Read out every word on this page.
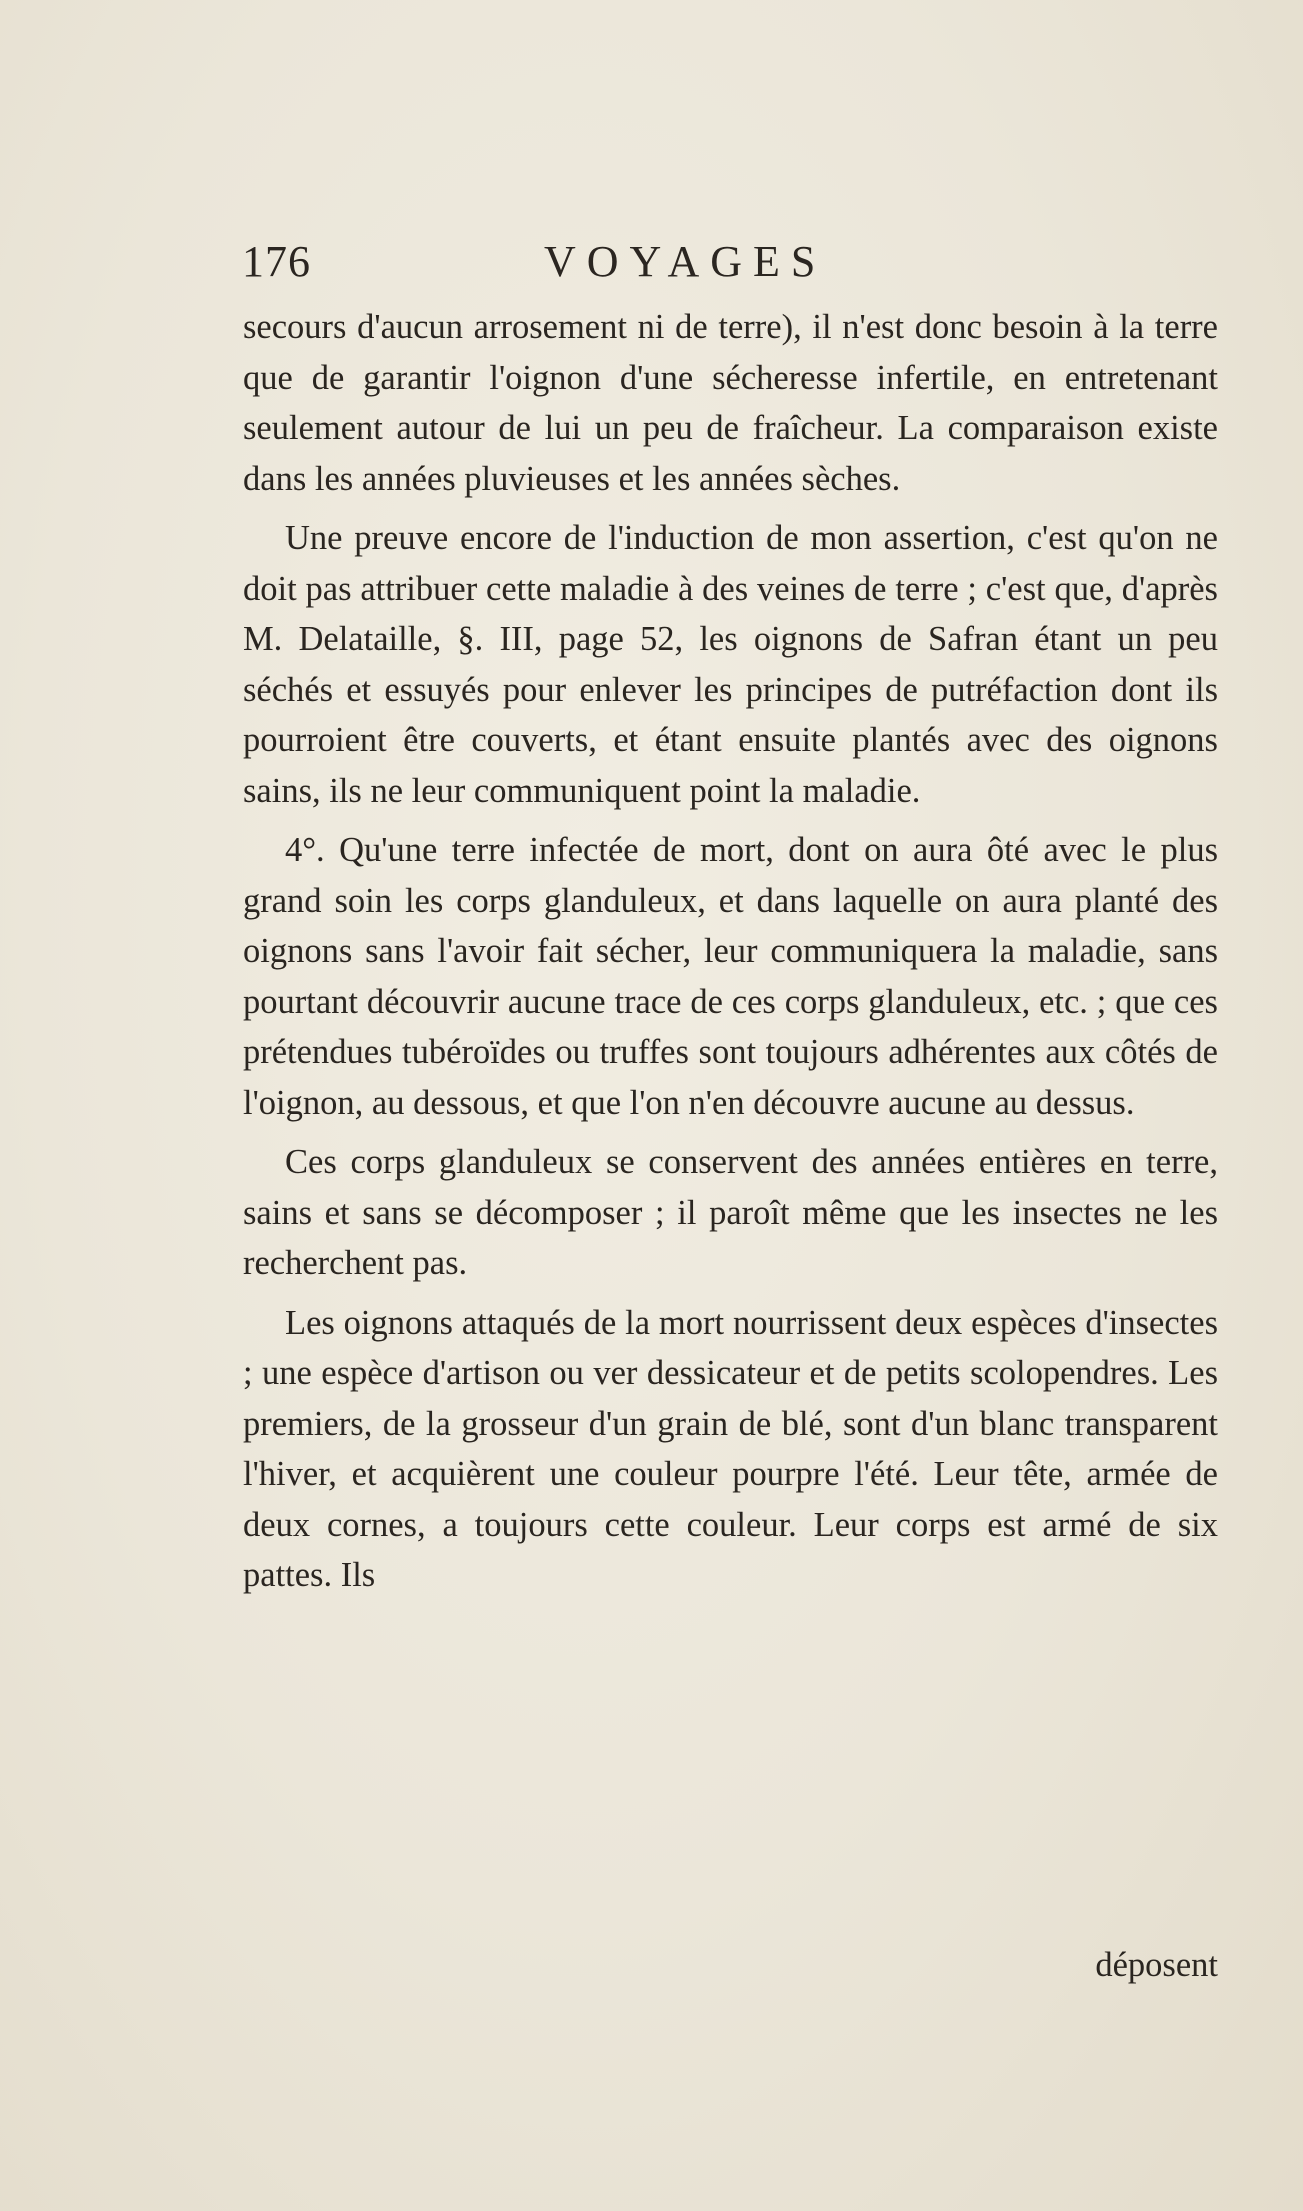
176	VOYAGES

secours d'aucun arrosement ni de terre), il n'est donc besoin à la terre que de garantir l'oignon d'une sécheresse infertile, en entretenant seulement autour de lui un peu de fraîcheur. La comparaison existe dans les années pluvieuses et les années sèches.

Une preuve encore de l'induction de mon assertion, c'est qu'on ne doit pas attribuer cette maladie à des veines de terre ; c'est que, d'après M. Delataille, §. III, page 52, les oignons de Safran étant un peu séchés et essuyés pour enlever les principes de putréfaction dont ils pourroient être couverts, et étant ensuite plantés avec des oignons sains, ils ne leur communiquent point la maladie.

4°. Qu'une terre infectée de mort, dont on aura ôté avec le plus grand soin les corps glanduleux, et dans laquelle on aura planté des oignons sans l'avoir fait sécher, leur communiquera la maladie, sans pourtant découvrir aucune trace de ces corps glanduleux, etc. ; que ces prétendues tubéroïdes ou truffes sont toujours adhérentes aux côtés de l'oignon, au dessous, et que l'on n'en découvre aucune au dessus.

Ces corps glanduleux se conservent des années entières en terre, sains et sans se décomposer ; il paroît même que les insectes ne les recherchent pas.

Les oignons attaqués de la mort nourrissent deux espèces d'insectes ; une espèce d'artison ou ver dessicateur et de petits scolopendres. Les premiers, de la grosseur d'un grain de blé, sont d'un blanc transparent l'hiver, et acquièrent une couleur pourpre l'été. Leur tête, armée de deux cornes, a toujours cette couleur. Leur corps est armé de six pattes. Ils

déposent
